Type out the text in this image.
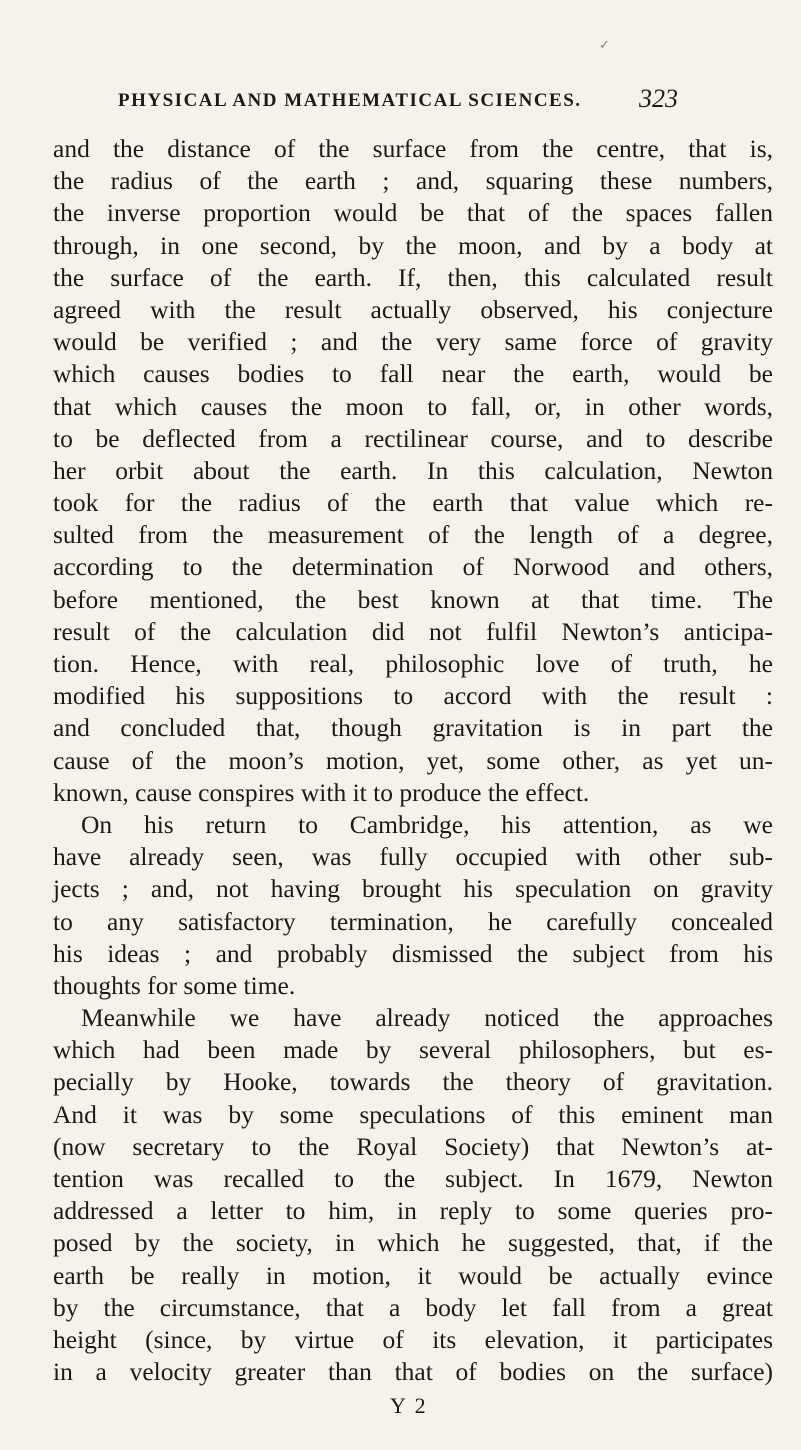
✓
PHYSICAL AND MATHEMATICAL SCIENCES. 323
and the distance of the surface from the centre, that is,
the radius of the earth ; and, squaring these numbers,
the inverse proportion would be that of the spaces fallen
through, in one second, by the moon, and by a body at
the surface of the earth. If, then, this calculated result
agreed with the result actually observed, his conjecture
would be verified ; and the very same force of gravity
which causes bodies to fall near the earth, would be
that which causes the moon to fall, or, in other words,
to be deflected from a rectilinear course, and to describe
her orbit about the earth. In this calculation, Newton
took for the radius of the earth that value which re-
sulted from the measurement of the length of a degree,
according to the determination of Norwood and others,
before mentioned, the best known at that time. The
result of the calculation did not fulfil Newton’s anticipa-
tion. Hence, with real, philosophic love of truth, he
modified his suppositions to accord with the result :
and concluded that, though gravitation is in part the
cause of the moon’s motion, yet, some other, as yet un-
known, cause conspires with it to produce the effect.
On his return to Cambridge, his attention, as we
have already seen, was fully occupied with other sub-
jects ; and, not having brought his speculation on gravity
to any satisfactory termination, he carefully concealed
his ideas ; and probably dismissed the subject from his
thoughts for some time.
Meanwhile we have already noticed the approaches
which had been made by several philosophers, but es-
pecially by Hooke, towards the theory of gravitation.
And it was by some speculations of this eminent man
(now secretary to the Royal Society) that Newton’s at-
tention was recalled to the subject. In 1679, Newton
addressed a letter to him, in reply to some queries pro-
posed by the society, in which he suggested, that, if the
earth be really in motion, it would be actually evince
by the circumstance, that a body let fall from a great
height (since, by virtue of its elevation, it participates
in a velocity greater than that of bodies on the surface)
Y 2
